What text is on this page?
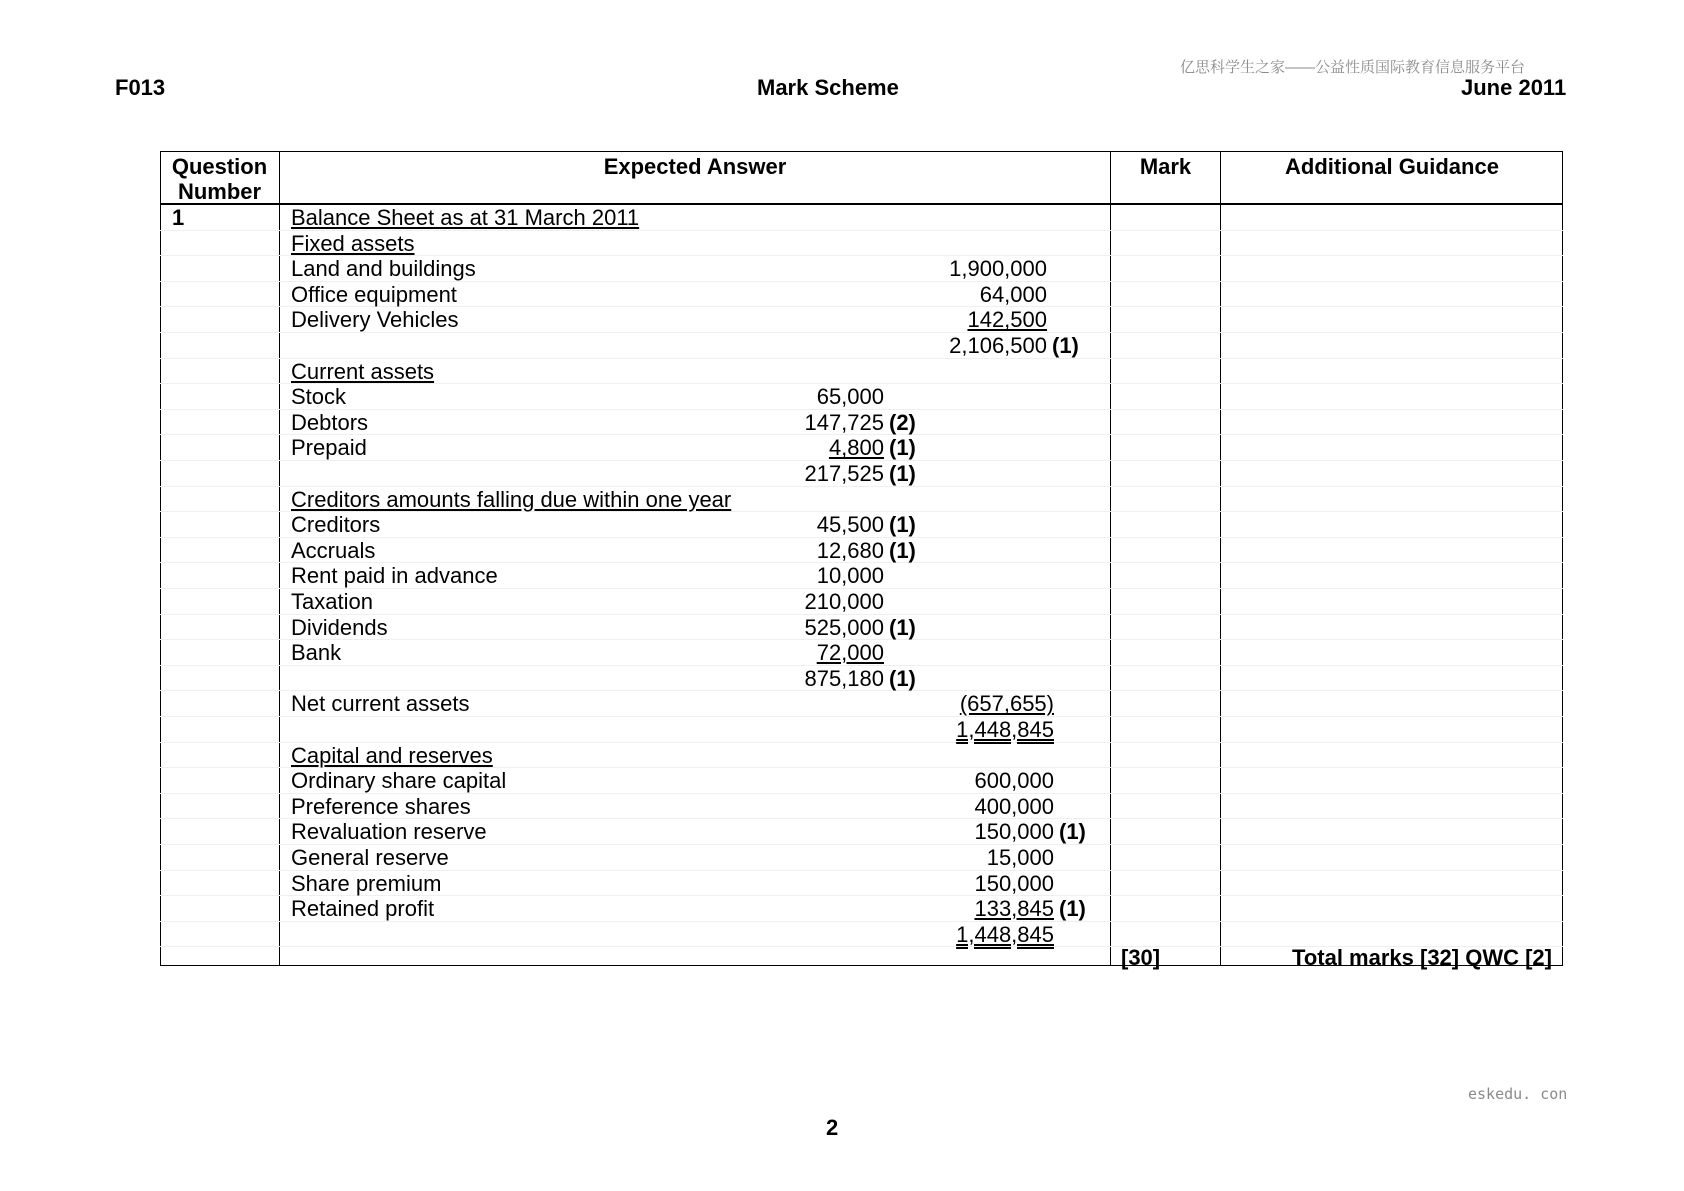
亿思科学生之家——公益性质国际教育信息服务平台
F013	Mark Scheme	June 2011
Question
Number
Expected Answer	Mark	Additional Guidance
1	Balance Sheet as at 31 March 2011
Fixed assets
Land and buildings	1,900,000
Office equipment	64,000
Delivery Vehicles	142,500
2,106,500 (1)
Current assets
Stock	65,000
Debtors	147,725 (2)
Prepaid	4,800 (1)
217,525 (1)
Creditors amounts falling due within one year
Creditors	45,500 (1)
Accruals	12,680 (1)
Rent paid in advance	10,000
Taxation	210,000
Dividends	525,000 (1)
Bank	72,000
875,180 (1)
Net current assets	(657,655)
1,448,845
Capital and reserves
Ordinary share capital	600,000
Preference shares	400,000
Revaluation reserve	150,000 (1)
General reserve	15,000
Share premium	150,000
Retained profit	133,845 (1)
1,448,845
[30]	Total marks [32] QWC [2]
eskedu. con
2
